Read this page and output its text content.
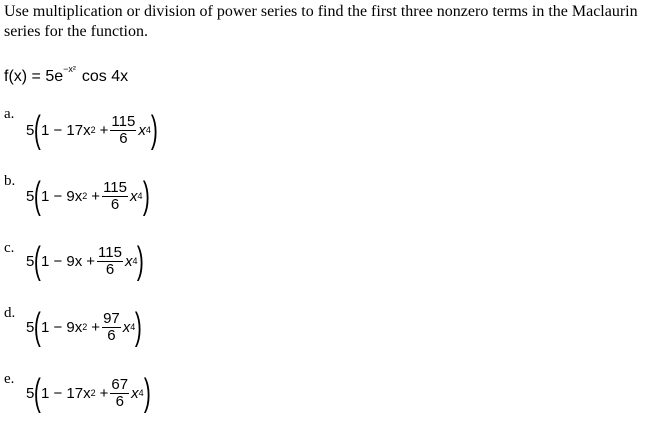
Use multiplication or division of power series to find the first three nonzero terms in the Maclaurin series for the function.
$f(x) = 5e^{-x^2}$ cos 4x
a.
5 ( 1 − 17x $2 + \frac{115}{6}$ x 4 )
b.
5 ( 1 − 9x $2 + \frac{115}{6}$ x 4 )
c.
5 ( $1 - 9x + \frac{115}{6}$ x 4 )
d.
5 ( 1 − 9x $2 + \frac{97}{6}$ x 4 )
e.
5 ( 1 − 17x $2 + \frac{67}{6}$ x 4 )
